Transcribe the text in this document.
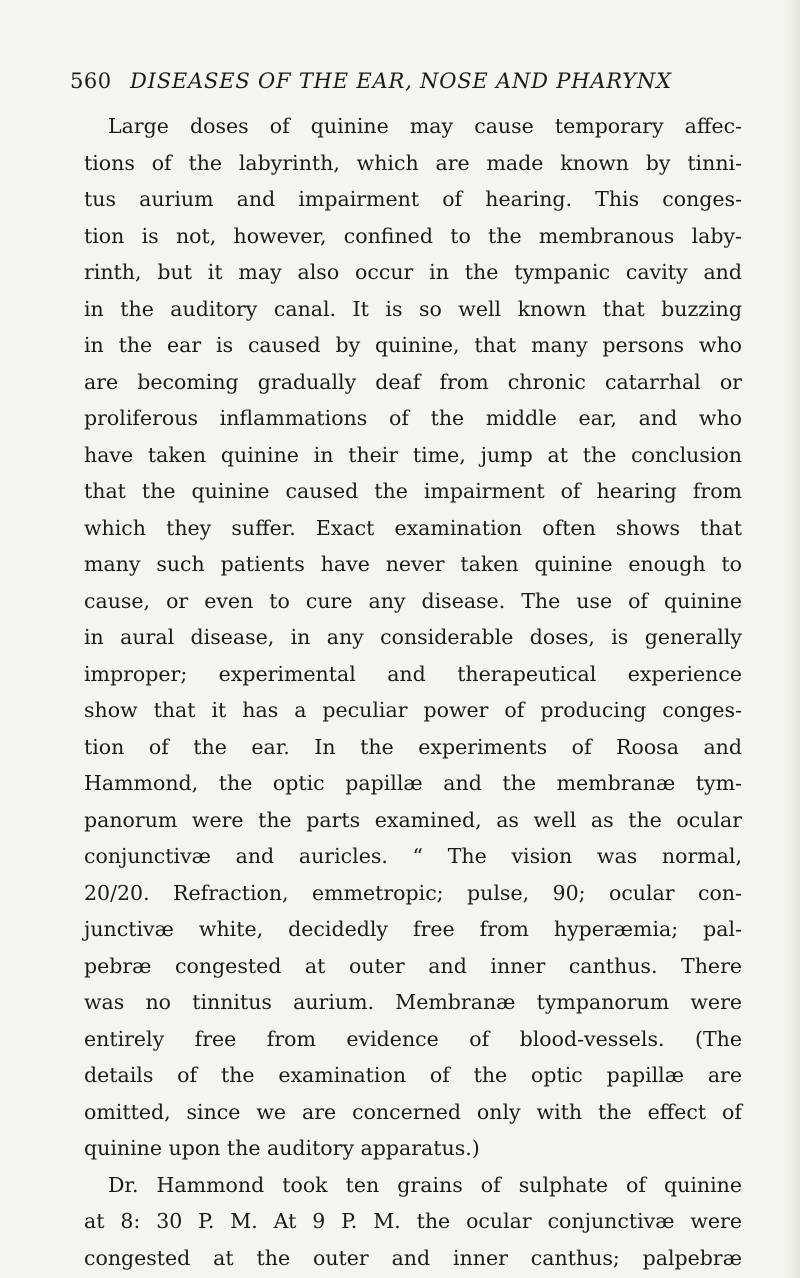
560 DISEASES OF THE EAR, NOSE AND PHARYNX
Large doses of quinine may cause temporary affec-
tions of the labyrinth, which are made known by tinni-
tus aurium and impairment of hearing. This conges-
tion is not, however, confined to the membranous laby-
rinth, but it may also occur in the tympanic cavity and
in the auditory canal. It is so well known that buzzing
in the ear is caused by quinine, that many persons who
are becoming gradually deaf from chronic catarrhal or
proliferous inflammations of the middle ear, and who
have taken quinine in their time, jump at the conclusion
that the quinine caused the impairment of hearing from
which they suffer. Exact examination often shows that
many such patients have never taken quinine enough to
cause, or even to cure any disease. The use of quinine
in aural disease, in any considerable doses, is generally
improper; experimental and therapeutical experience
show that it has a peculiar power of producing conges-
tion of the ear. In the experiments of Roosa and
Hammond, the optic papillæ and the membranæ tym-
panorum were the parts examined, as well as the ocular
conjunctivæ and auricles. “ The vision was normal,
20/20. Refraction, emmetropic; pulse, 90; ocular con-
junctivæ white, decidedly free from hyperæmia; pal-
pebræ congested at outer and inner canthus. There
was no tinnitus aurium. Membranæ tympanorum were
entirely free from evidence of blood-vessels. (The
details of the examination of the optic papillæ are
omitted, since we are concerned only with the effect of
quinine upon the auditory apparatus.)
Dr. Hammond took ten grains of sulphate of quinine
at 8: 30 P. M. At 9 P. M. the ocular conjunctivæ were
congested at the outer and inner canthus; palpebræ
